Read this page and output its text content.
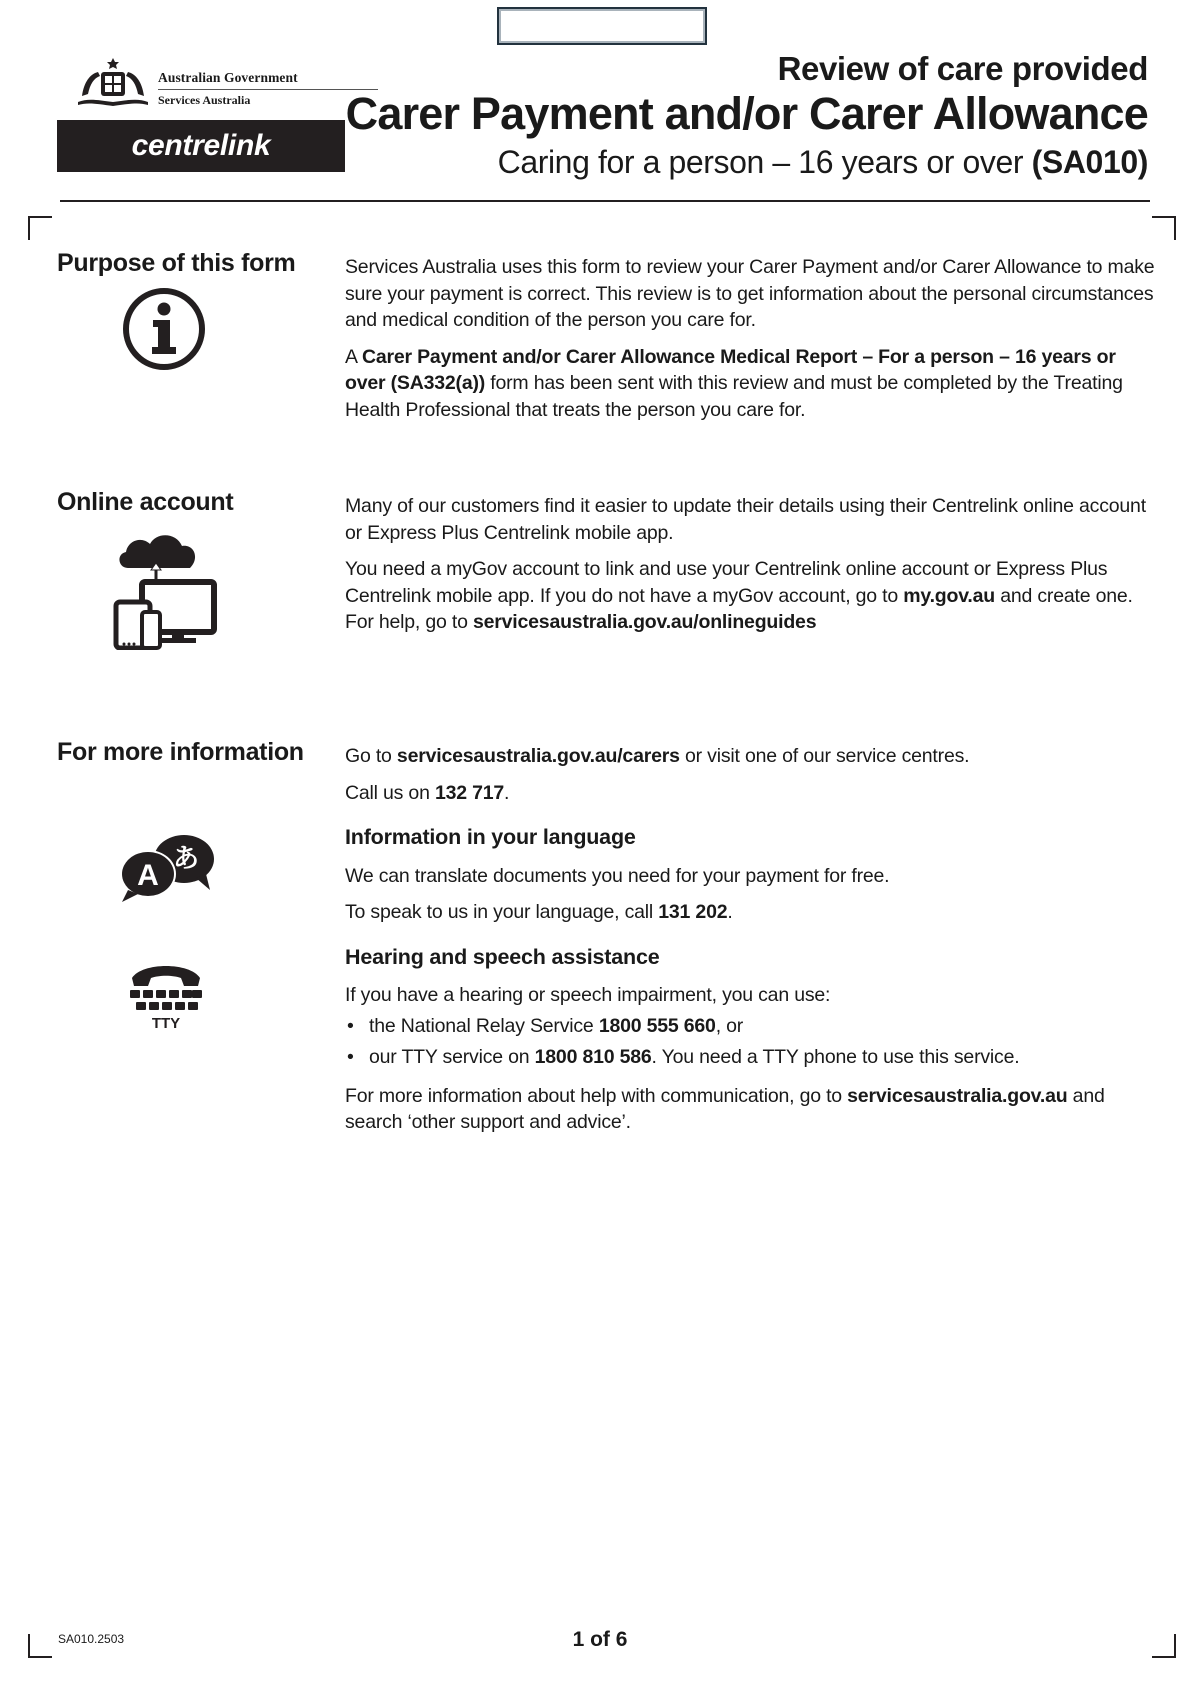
Australian Government
Services Australia
centrelink
Review of care provided
Carer Payment and/or Carer Allowance
Caring for a person – 16 years or over (SA010)
Purpose of this form	Services Australia uses this form to review your Carer Payment and/or Carer Allowance to make sure your payment is correct. This review is to get information about the personal circumstances and medical condition of the person you care for.

A Carer Payment and/or Carer Allowance Medical Report – For a person – 16 years or over (SA332(a)) form has been sent with this review and must be completed by the Treating Health Professional that treats the person you care for.

Online account	Many of our customers find it easier to update their details using their Centrelink online account or Express Plus Centrelink mobile app.

You need a myGov account to link and use your Centrelink online account or Express Plus Centrelink mobile app. If you do not have a myGov account, go to my.gov.au and create one. For help, go to servicesaustralia.gov.au/onlineguides

For more information
A あ
TTY

Go to servicesaustralia.gov.au/carers or visit one of our service centres.

Call us on 132 717.

Information in your language

We can translate documents you need for your payment for free.

To speak to us in your language, call 131 202.

Hearing and speech assistance

If you have a hearing or speech impairment, you can use:

• the National Relay Service 1800 555 660, or
• our TTY service on 1800 810 586. You need a TTY phone to use this service.

For more information about help with communication, go to servicesaustralia.gov.au and search ‘other support and advice’.

SA010.2503	1 of 6
